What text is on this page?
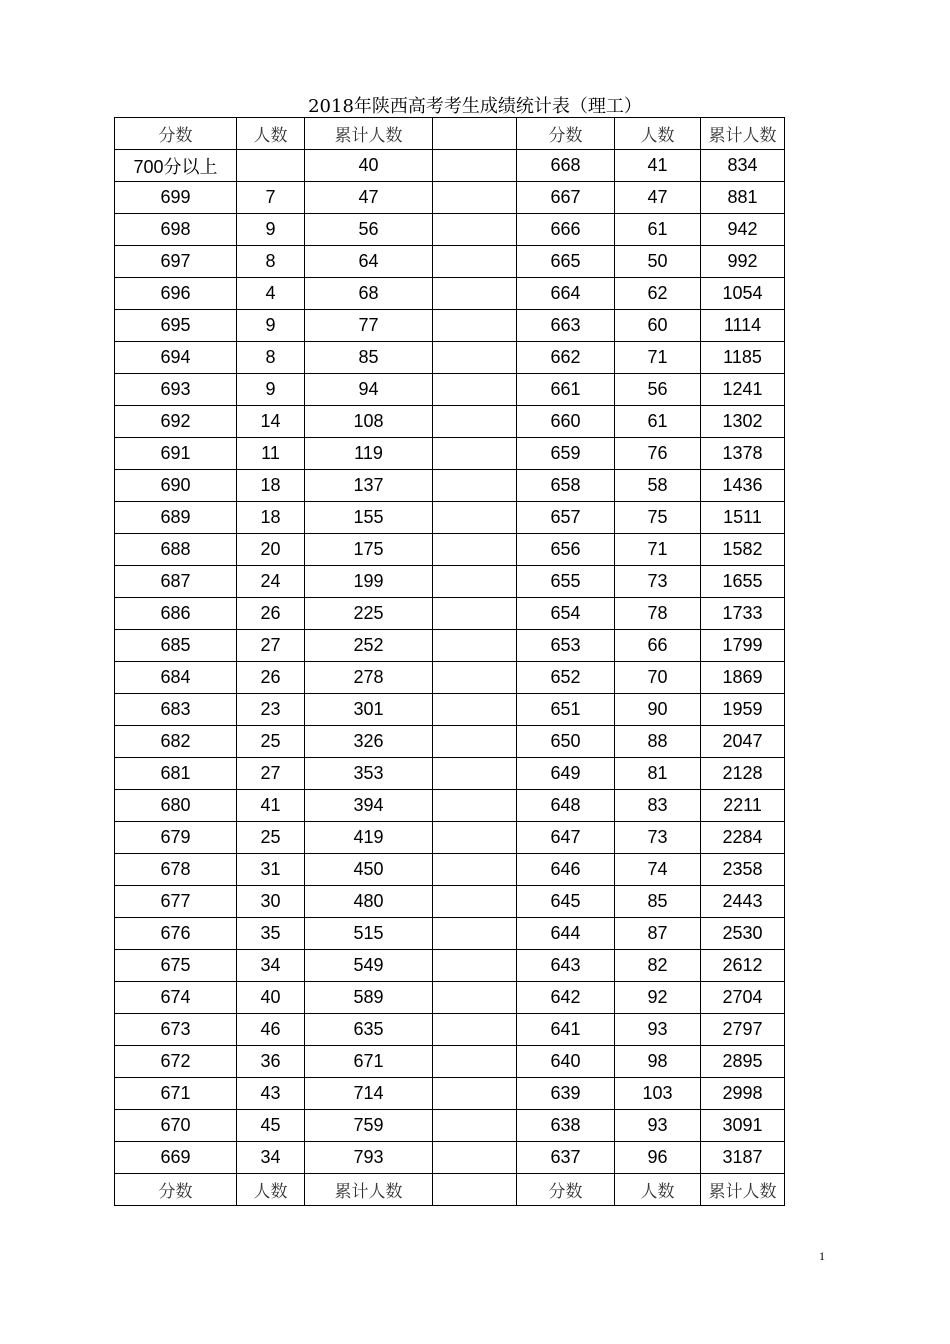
2018年陕西高考考生成绩统计表（理工）
分数	人数	累计人数		分数	人数	累计人数
700分以上		40		668	41	834
699	7	47		667	47	881
698	9	56		666	61	942
697	8	64		665	50	992
696	4	68		664	62	1054
695	9	77		663	60	1114
694	8	85		662	71	1185
693	9	94		661	56	1241
692	14	108		660	61	1302
691	11	119		659	76	1378
690	18	137		658	58	1436
689	18	155		657	75	1511
688	20	175		656	71	1582
687	24	199		655	73	1655
686	26	225		654	78	1733
685	27	252		653	66	1799
684	26	278		652	70	1869
683	23	301		651	90	1959
682	25	326		650	88	2047
681	27	353		649	81	2128
680	41	394		648	83	2211
679	25	419		647	73	2284
678	31	450		646	74	2358
677	30	480		645	85	2443
676	35	515		644	87	2530
675	34	549		643	82	2612
674	40	589		642	92	2704
673	46	635		641	93	2797
672	36	671		640	98	2895
671	43	714		639	103	2998
670	45	759		638	93	3091
669	34	793		637	96	3187
分数	人数	累计人数		分数	人数	累计人数
1
